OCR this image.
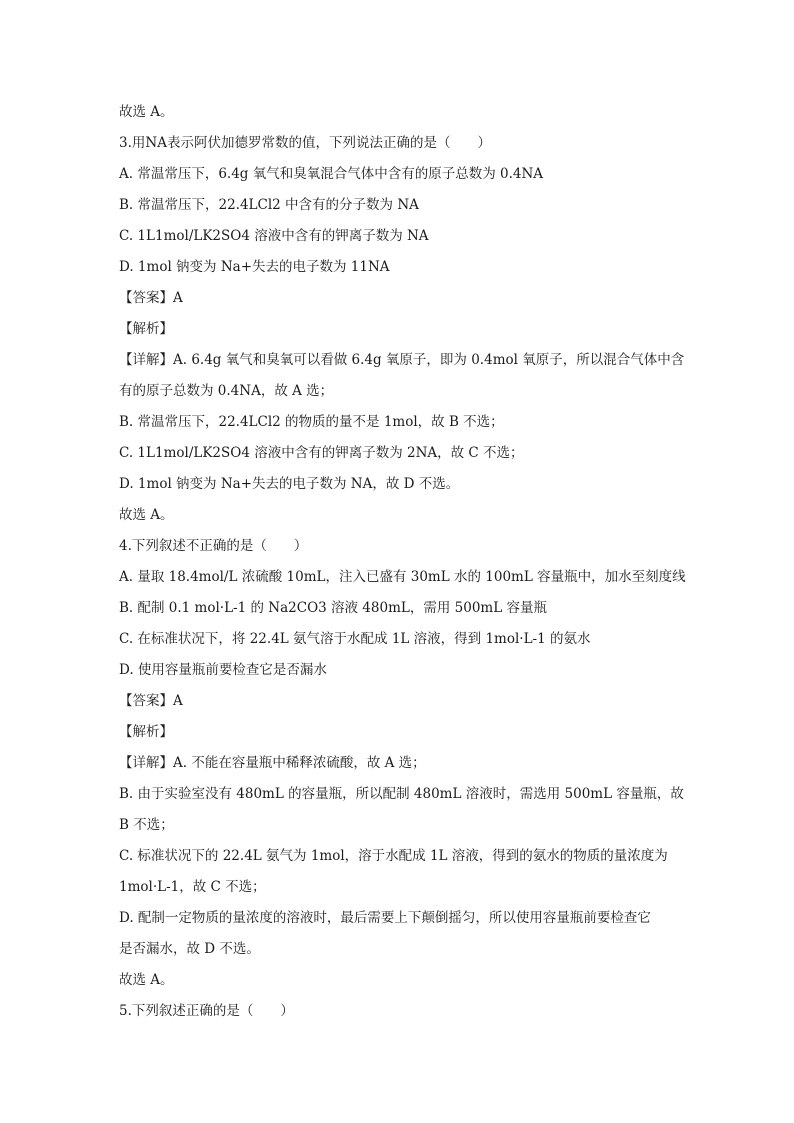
故选 A。
3.用NA表示阿伏加德罗常数的值，下列说法正确的是（　　）
A. 常温常压下，6.4g 氧气和臭氧混合气体中含有的原子总数为 0.4NA
B. 常温常压下，22.4LCl2 中含有的分子数为 NA
C. 1L1mol/LK2SO4 溶液中含有的钾离子数为 NA
D. 1mol 钠变为 Na+失去的电子数为 11NA
【答案】A
【解析】
【详解】A. 6.4g 氧气和臭氧可以看做 6.4g 氧原子，即为 0.4mol 氧原子，所以混合气体中含
有的原子总数为 0.4NA，故 A 选；
B. 常温常压下，22.4LCl2 的物质的量不是 1mol，故 B 不选；
C. 1L1mol/LK2SO4 溶液中含有的钾离子数为 2NA，故 C 不选；
D. 1mol 钠变为 Na+失去的电子数为 NA，故 D 不选。
故选 A。
4.下列叙述不正确的是（　　）
A. 量取 18.4mol/L 浓硫酸 10mL，注入已盛有 30mL 水的 100mL 容量瓶中，加水至刻度线
B. 配制 0.1 mol·L-1 的 Na2CO3 溶液 480mL，需用 500mL 容量瓶
C. 在标准状况下，将 22.4L 氨气溶于水配成 1L 溶液，得到 1mol·L-1 的氨水
D. 使用容量瓶前要检查它是否漏水
【答案】A
【解析】
【详解】A. 不能在容量瓶中稀释浓硫酸，故 A 选；
B. 由于实验室没有 480mL 的容量瓶，所以配制 480mL 溶液时，需选用 500mL 容量瓶，故
B 不选；
C. 标准状况下的 22.4L 氨气为 1mol，溶于水配成 1L 溶液，得到的氨水的物质的量浓度为
1mol·L-1，故 C 不选；
D. 配制一定物质的量浓度的溶液时，最后需要上下颠倒摇匀，所以使用容量瓶前要检查它
是否漏水，故 D 不选。
故选 A。
5.下列叙述正确的是（　　）
